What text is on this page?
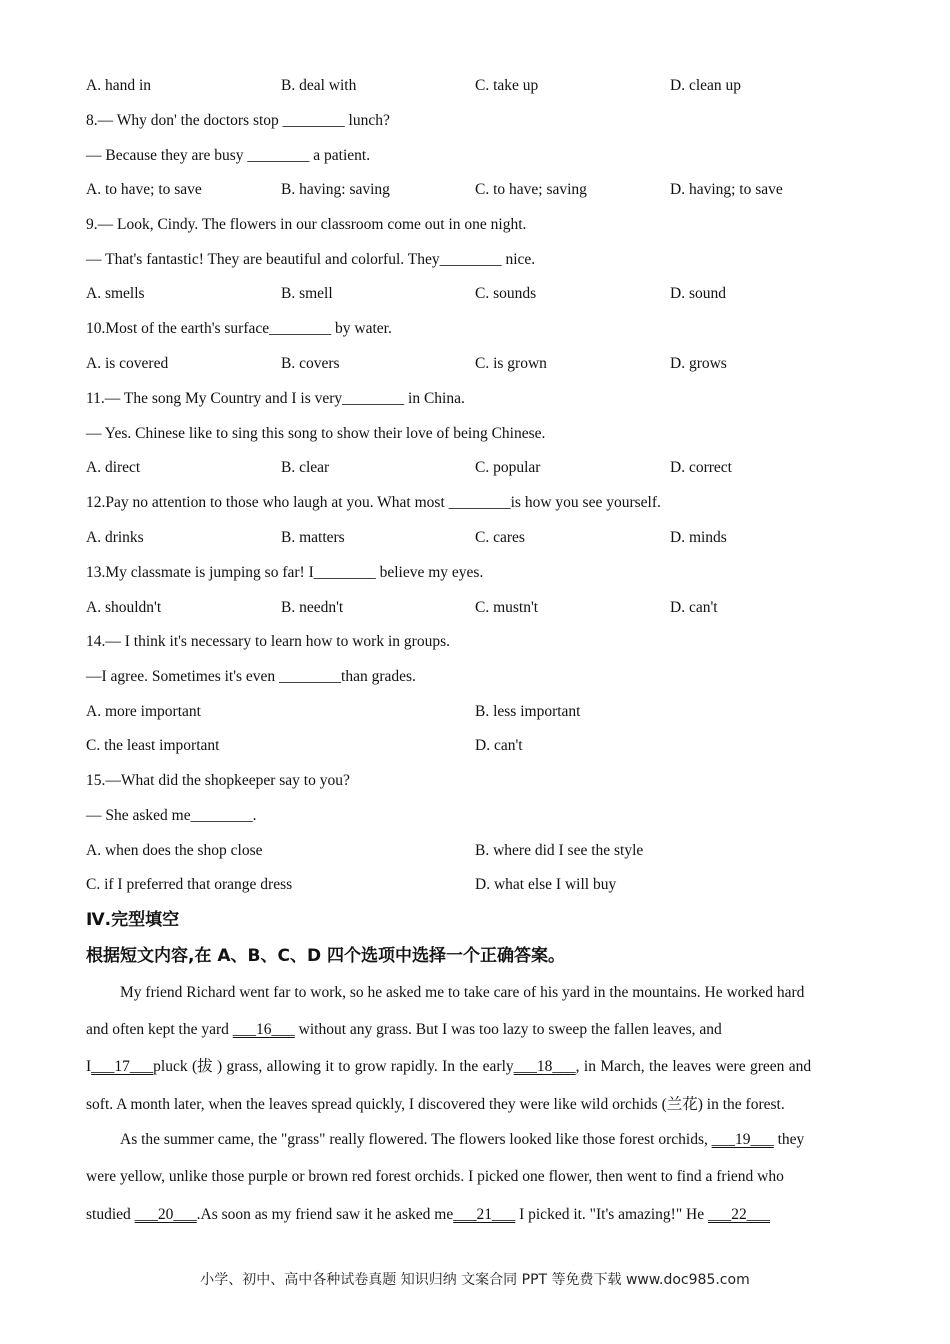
A. hand in	B. deal with	C. take up	D. clean up
8.— Why don' the doctors stop ________ lunch?
— Because they are busy ________ a patient.
A. to have; to save	B. having: saving	C. to have; saving	D. having; to save
9.— Look, Cindy. The flowers in our classroom come out in one night.
— That's fantastic! They are beautiful and colorful. They________ nice.
A. smells	B. smell	C. sounds	D. sound
10.Most of the earth's surface________ by water.
A. is covered	B. covers	C. is grown	D. grows
11.— The song My Country and I is very________ in China.
— Yes. Chinese like to sing this song to show their love of being Chinese.
A. direct	B. clear	C. popular	D. correct
12.Pay no attention to those who laugh at you. What most ________is how you see yourself.
A. drinks	B. matters	C. cares	D. minds
13.My classmate is jumping so far! I________ believe my eyes.
A. shouldn't	B. needn't	C. mustn't	D. can't
14.— I think it's necessary to learn how to work in groups.
—I agree. Sometimes it's even ________than grades.
A. more important	B. less important
C. the least important	D. can't
15.—What did the shopkeeper say to you?
— She asked me________.
A. when does the shop close	B. where did I see the style
C. if I preferred that orange dress	D. what else I will buy
Ⅳ.完型填空
根据短文内容,在 A、B、C、D 四个选项中选择一个正确答案。
My friend Richard went far to work, so he asked me to take care of his yard in the mountains. He worked hard
and often kept the yard ___16___ without any grass. But I was too lazy to sweep the fallen leaves, and
I___17___pluck (拔 ) grass, allowing it to grow rapidly. In the early___18___, in March, the leaves were green and
soft. A month later, when the leaves spread quickly, I discovered they were like wild orchids (兰花) in the forest.
As the summer came, the "grass" really flowered. The flowers looked like those forest orchids, ___19___ they
were yellow, unlike those purple or brown red forest orchids. I picked one flower, then went to find a friend who
studied ___20___.As soon as my friend saw it he asked me___21___ I picked it. "It's amazing!" He ___22___
小学、初中、高中各种试卷真题 知识归纳 文案合同 PPT 等免费下载 www.doc985.com
